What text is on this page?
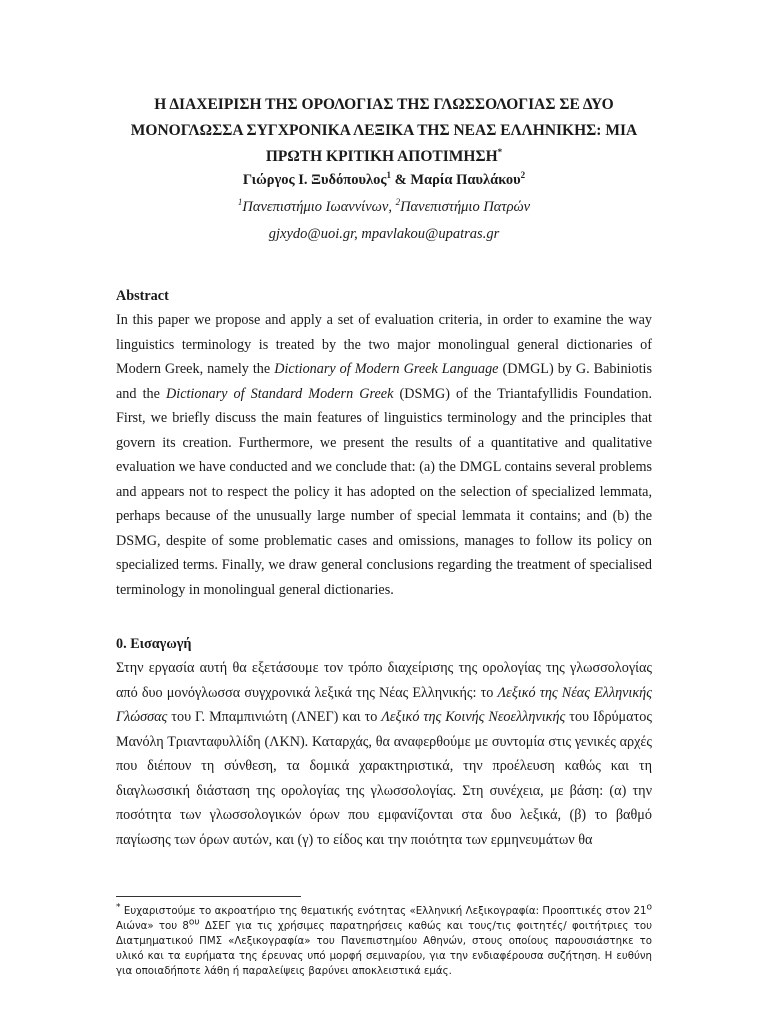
Η ΔΙΑΧΕΙΡΙΣΗ ΤΗΣ ΟΡΟΛΟΓΙΑΣ ΤΗΣ ΓΛΩΣΣΟΛΟΓΙΑΣ ΣΕ ΔΥΟ
ΜΟΝΟΓΛΩΣΣΑ ΣΥΓΧΡΟΝΙΚΑ ΛΕΞΙΚΑ ΤΗΣ ΝΕΑΣ ΕΛΛΗΝΙΚΗΣ: ΜΙΑ
ΠΡΩΤΗ ΚΡΙΤΙΚΗ ΑΠΟΤΙΜΗΣΗ*
Γιώργος Ι. Ξυδόπουλος$^1$ & Μαρία Παυλάκου$^2$
$^1$Πανεπιστήμιο Ιωαννίνων, $^2$Πανεπιστήμιο Πατρών
gjxydo@uoi.gr, mpavlakou@upatras.gr
Abstract
In this paper we propose and apply a set of evaluation criteria, in order to examine the way linguistics terminology is treated by the two major monolingual general dictionaries of Modern Greek, namely the Dictionary of Modern Greek Language (DMGL) by G. Babiniotis and the Dictionary of Standard Modern Greek (DSMG) of the Triantafyllidis Foundation. First, we briefly discuss the main features of linguistics terminology and the principles that govern its creation. Furthermore, we present the results of a quantitative and qualitative evaluation we have conducted and we conclude that: (a) the DMGL contains several problems and appears not to respect the policy it has adopted on the selection of specialized lemmata, perhaps because of the unusually large number of special lemmata it contains; and (b) the DSMG, despite of some problematic cases and omissions, manages to follow its policy on specialized terms. Finally, we draw general conclusions regarding the treatment of specialised terminology in monolingual general dictionaries.
0. Εισαγωγή
Στην εργασία αυτή θα εξετάσουμε τον τρόπο διαχείρισης της ορολογίας της γλωσσολογίας από δυο μονόγλωσσα συγχρονικά λεξικά της Νέας Ελληνικής: το Λεξικό της Νέας Ελληνικής Γλώσσας του Γ. Μπαμπινιώτη (ΛΝΕΓ) και το Λεξικό της Κοινής Νεοελληνικής του Ιδρύματος Μανόλη Τριανταφυλλίδη (ΛΚΝ). Καταρχάς, θα αναφερθούμε με συντομία στις γενικές αρχές που διέπουν τη σύνθεση, τα δομικά χαρακτηριστικά, την προέλευση καθώς και τη διαγλωσσική διάσταση της ορολογίας της γλωσσολογίας. Στη συνέχεια, με βάση: (α) την ποσότητα των γλωσσολογικών όρων που εμφανίζονται στα δυο λεξικά, (β) το βαθμό παγίωσης των όρων αυτών, και (γ) το είδος και την ποιότητα των ερμηνευμάτων θα
* Ευχαριστούμε το ακροατήριο της θεματικής ενότητας «Ελληνική Λεξικογραφία: Προοπτικές στον $21^o$ Αιώνα» του $8^{o\upsilon}$ ΔΣΕΓ για τις χρήσιμες παρατηρήσεις καθώς και τους/τις φοιτητές/ φοιτήτριες του Διατμηματικού ΠΜΣ «Λεξικογραφία» του Πανεπιστημίου Αθηνών, στους οποίους παρουσιάστηκε το υλικό και τα ευρήματα της έρευνας υπό μορφή σεμιναρίου, για την ενδιαφέρουσα συζήτηση. Η ευθύνη για οποιαδήποτε λάθη ή παραλείψεις βαρύνει αποκλειστικά εμάς.
